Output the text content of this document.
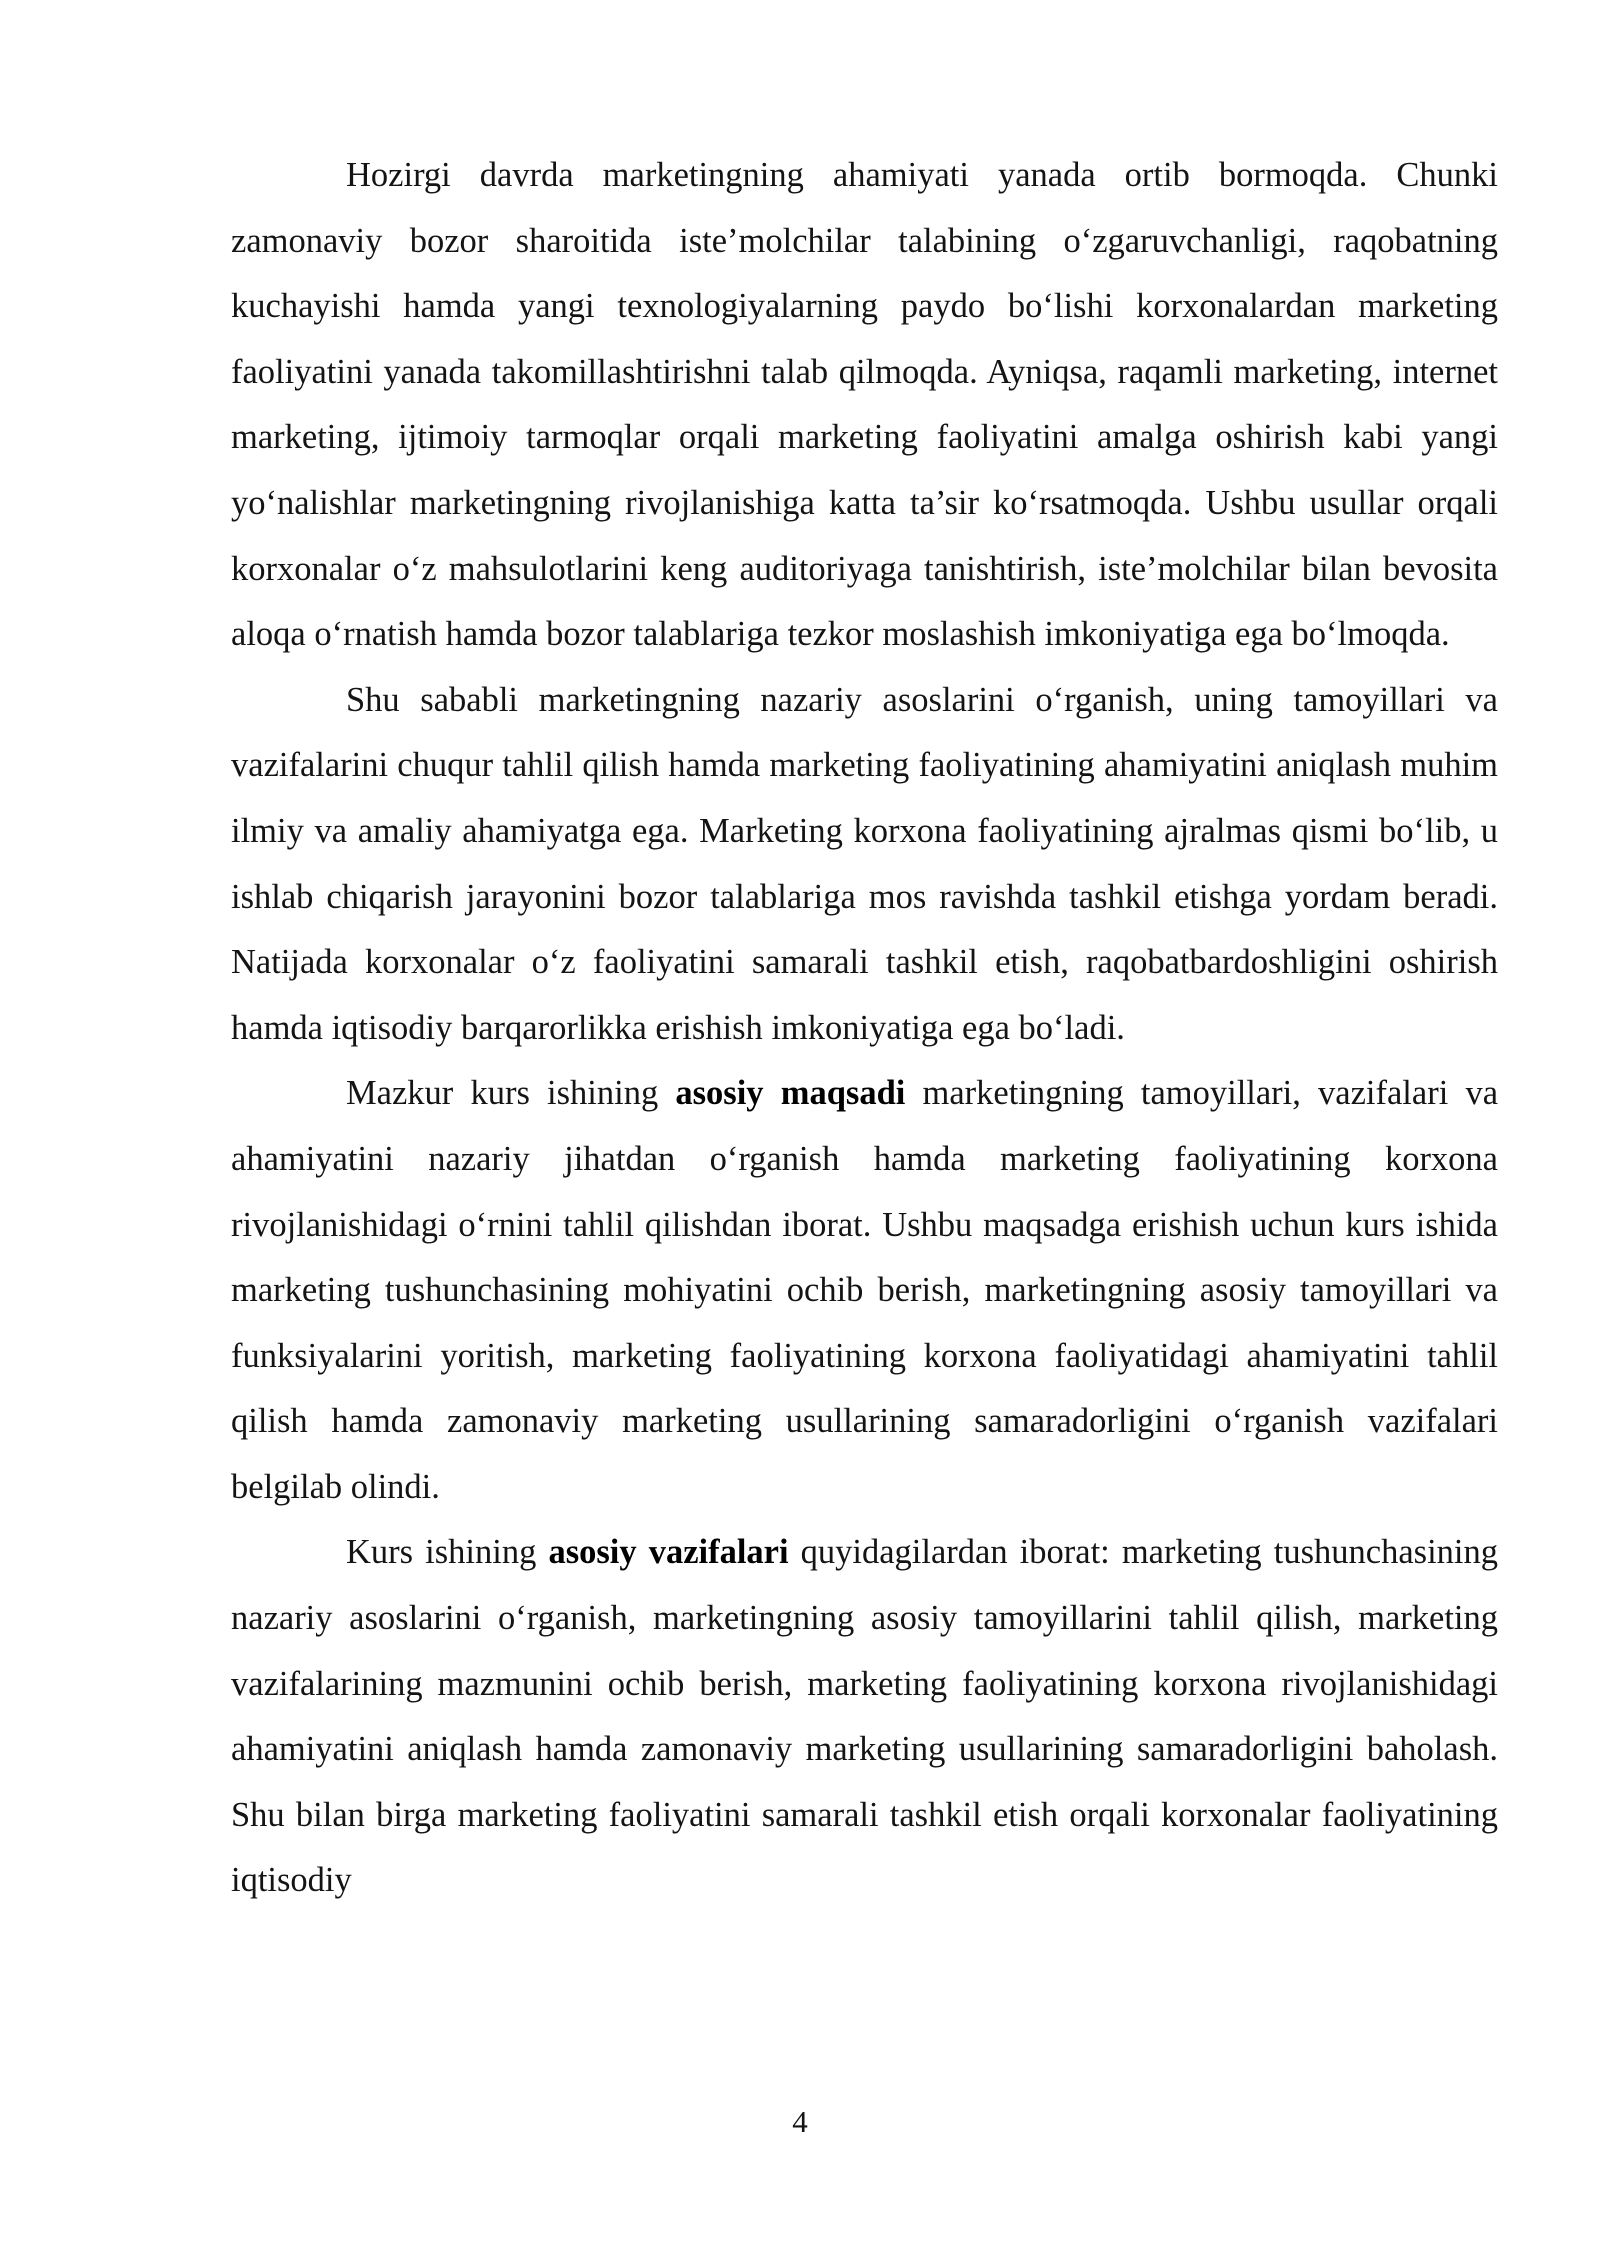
Hozirgi davrda marketingning ahamiyati yanada ortib bormoqda. Chunki zamonaviy bozor sharoitida iste’molchilar talabining o‘zgaruvchanligi, raqobatning kuchayishi hamda yangi texnologiyalarning paydo bo‘lishi korxonalardan marketing faoliyatini yanada takomillashtirishni talab qilmoqda. Ayniqsa, raqamli marketing, internet marketing, ijtimoiy tarmoqlar orqali marketing faoliyatini amalga oshirish kabi yangi yo‘nalishlar marketingning rivojlanishiga katta ta’sir ko‘rsatmoqda. Ushbu usullar orqali korxonalar o‘z mahsulotlarini keng auditoriyaga tanishtirish, iste’molchilar bilan bevosita aloqa o‘rnatish hamda bozor talablariga tezkor moslashish imkoniyatiga ega bo‘lmoqda.

Shu sababli marketingning nazariy asoslarini o‘rganish, uning tamoyillari va vazifalarini chuqur tahlil qilish hamda marketing faoliyatining ahamiyatini aniqlash muhim ilmiy va amaliy ahamiyatga ega. Marketing korxona faoliyatining ajralmas qismi bo‘lib, u ishlab chiqarish jarayonini bozor talablariga mos ravishda tashkil etishga yordam beradi. Natijada korxonalar o‘z faoliyatini samarali tashkil etish, raqobatbardoshligini oshirish hamda iqtisodiy barqarorlikka erishish imkoniyatiga ega bo‘ladi.

Mazkur kurs ishining asosiy maqsadi marketingning tamoyillari, vazifalari va ahamiyatini nazariy jihatdan o‘rganish hamda marketing faoliyatining korxona rivojlanishidagi o‘rnini tahlil qilishdan iborat. Ushbu maqsadga erishish uchun kurs ishida marketing tushunchasining mohiyatini ochib berish, marketingning asosiy tamoyillari va funksiyalarini yoritish, marketing faoliyatining korxona faoliyatidagi ahamiyatini tahlil qilish hamda zamonaviy marketing usullarining samaradorligini o‘rganish vazifalari belgilab olindi.

Kurs ishining asosiy vazifalari quyidagilardan iborat: marketing tushunchasining nazariy asoslarini o‘rganish, marketingning asosiy tamoyillarini tahlil qilish, marketing vazifalarining mazmunini ochib berish, marketing faoliyatining korxona rivojlanishidagi ahamiyatini aniqlash hamda zamonaviy marketing usullarining samaradorligini baholash. Shu bilan birga marketing faoliyatini samarali tashkil etish orqali korxonalar faoliyatining iqtisodiy

4
